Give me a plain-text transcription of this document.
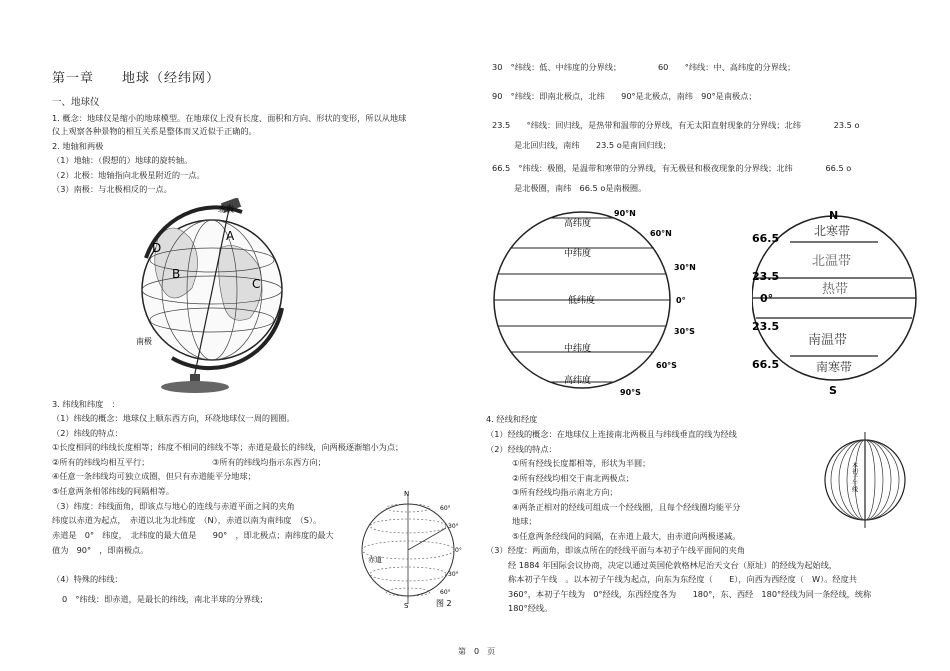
第一章　　地球（经纬网）
一、地球仪
1. 概念：地球仪是缩小的地球模型。在地球仪上没有长度、面积和方向、形状的变形，所以从地球
仪上观察各种景物的相互关系是整体而又近似于正确的。
2. 地轴和两极
（1）地轴：（假想的）地球的旋转轴。
（2）北极：地轴指向北极星附近的一点。
（3）南极：与北极相反的一点。
A
B
C
D
北极
南极
3. 纬线和纬度　：
（1）纬线的概念：地球仪上顺东西方向，环绕地球仪一周的圆圈。
（2）纬线的特点：
①长度相同的纬线长度相等；纬度不相同的纬线不等；赤道是最长的纬线，向两极逐渐缩小为点；
②所有的纬线均相互平行；	③所有的纬线均指示东西方向；
④任意一条纬线均可独立成圈，但只有赤道能平分地球；
⑤任意两条相邻纬线的间隔相等。
（3）纬度：纬线面角，即该点与地心的连线与赤道平面之间的夹角
纬度以赤道为起点，　赤道以北为北纬度　（N），赤道以南为南纬度　（S）。
赤道是　0°　纬度，　北纬度的最大值是　　90°　，即北极点；南纬度的最大
值为　90°　，即南极点。
N
S
60°
30°
0°
30°
60°
赤道
图 2
（4）特殊的纬线：
0　°纬线：即赤道，是最长的纬线，南北半球的分界线；
30　°纬线：低、中纬度的分界线；　　　　　60　　°纬线：中、高纬度的分界线；
90　°纬线：即南北极点，北纬　　90°是北极点，南纬　90°是南极点；
23.5　　°纬线：回归线，是热带和温带的分界线，有无太阳直射现象的分界线；北纬　　　　23.5 o
是北回归线，南纬　　23.5 o是南回归线；
66.5　°纬线：极圈，是温带和寒带的分界线，有无极昼和极夜现象的分界线；北纬　　　　66.5 o
是北极圈，南纬　66.5 o是南极圈。
高纬度
中纬度
低纬度
中纬度
高纬度
90°N
60°N
30°N
0°
30°S
60°S
90°S
N
S
北寒带
北温带
热带
南温带
南寒带
66.5
23.5
0°
23.5
66.5
4. 经线和经度
（1）经线的概念：在地球仪上连接南北两极且与纬线垂直的线为经线
（2）经线的特点：
①所有经线长度都相等，形状为半圆；
②所有经线均相交于南北两极点；
③所有经线均指示南北方向；
④两条正相对的经线可组成一个经线圈，且每个经线圈均能平分
地球；
⑤任意两条经线间的间隔，在赤道上最大，由赤道向两极递减。
（3）经度：两面角，即该点所在的经线平面与本初子午线平面间的夹角
经 1884 年国际会议协商，决定以通过英国伦敦格林尼治天文台（原址）的经线为起始线，
称本初子午线　。以本初子午线为起点，向东为东经度（　　E），向西为西经度（　W）。经度共
360°，本初子午线为　0°经线，东西经度各为　　180°，东、西经　180°经线为同一条经线，统称
180°经线。
本初子午线
第　0　页
